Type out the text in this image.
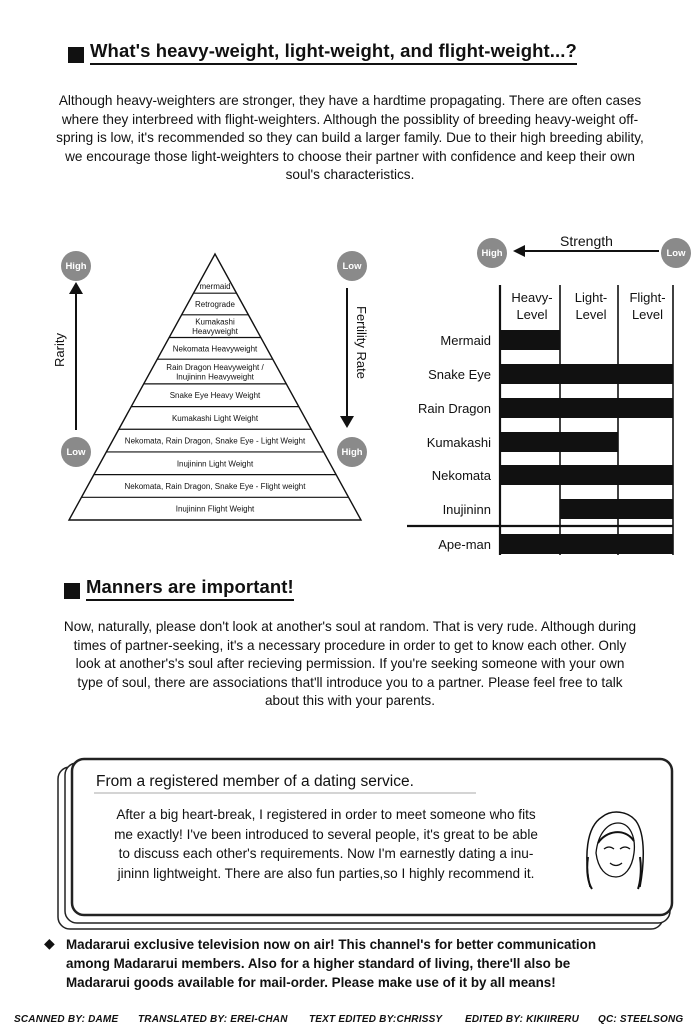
What's heavy-weight, light-weight, and flight-weight...?

Although heavy-weighters are stronger, they have a hardtime propagating. There are often cases

where they interbreed with flight-weighters. Although the possiblity of breeding heavy-weight off-

spring is low, it's recommended so they can build a larger family. Due to their high breeding ability,

we encourage those light-weighters to choose their partner with confidence and keep their own

soul's characteristics.

High
Rarity
Low
Low
Fertility Rate
High
mermaid
Retrograde
Kumakashi
Heavyweight
Nekomata Heavyweight
Rain Dragon Heavyweight /
Inujininn Heavyweight
Snake Eye Heavy Weight
Kumakashi Light Weight
Nekomata, Rain Dragon, Snake Eye - Light Weight
Inujininn Light Weight
Nekomata, Rain Dragon, Snake Eye - Flight weight
Inujininn Flight Weight
Strength
High	Low
Heavy-
Level
Light-
Level
Flight-
Level
Mermaid
Snake Eye
Rain Dragon
Kumakashi
Nekomata
Inujininn
Ape-man
Manners are important!

Now, naturally, please don't look at another's soul at random. That is very rude. Although during

times of partner-seeking, it's a necessary procedure in order to get to know each other. Only

look at another's's soul after recieving permission. If you're seeking someone with your own

type of soul, there are associations that'll introduce you to a partner. Please feel free to talk

about this with your parents.

From a registered member of a dating service.

After a big heart-break, I registered in order to meet someone who fits

me exactly! I've been introduced to several people, it's great to be able

to discuss each other's requirements. Now I'm earnestly dating a inu-

jininn lightweight. There are also fun parties,so I highly recommend it.

◆ Madararui exclusive television now on air! This channel's for better communication

among Madararui members. Also for a higher standard of living, there'll also be

Madararui goods available for mail-order. Please make use of it by all means!

SCANNED BY: DAME TRANSLATED BY: EREI-CHAN TEXT EDITED BY:CHRISSY EDITED BY: KIKIIRERU QC: STEELSONG
